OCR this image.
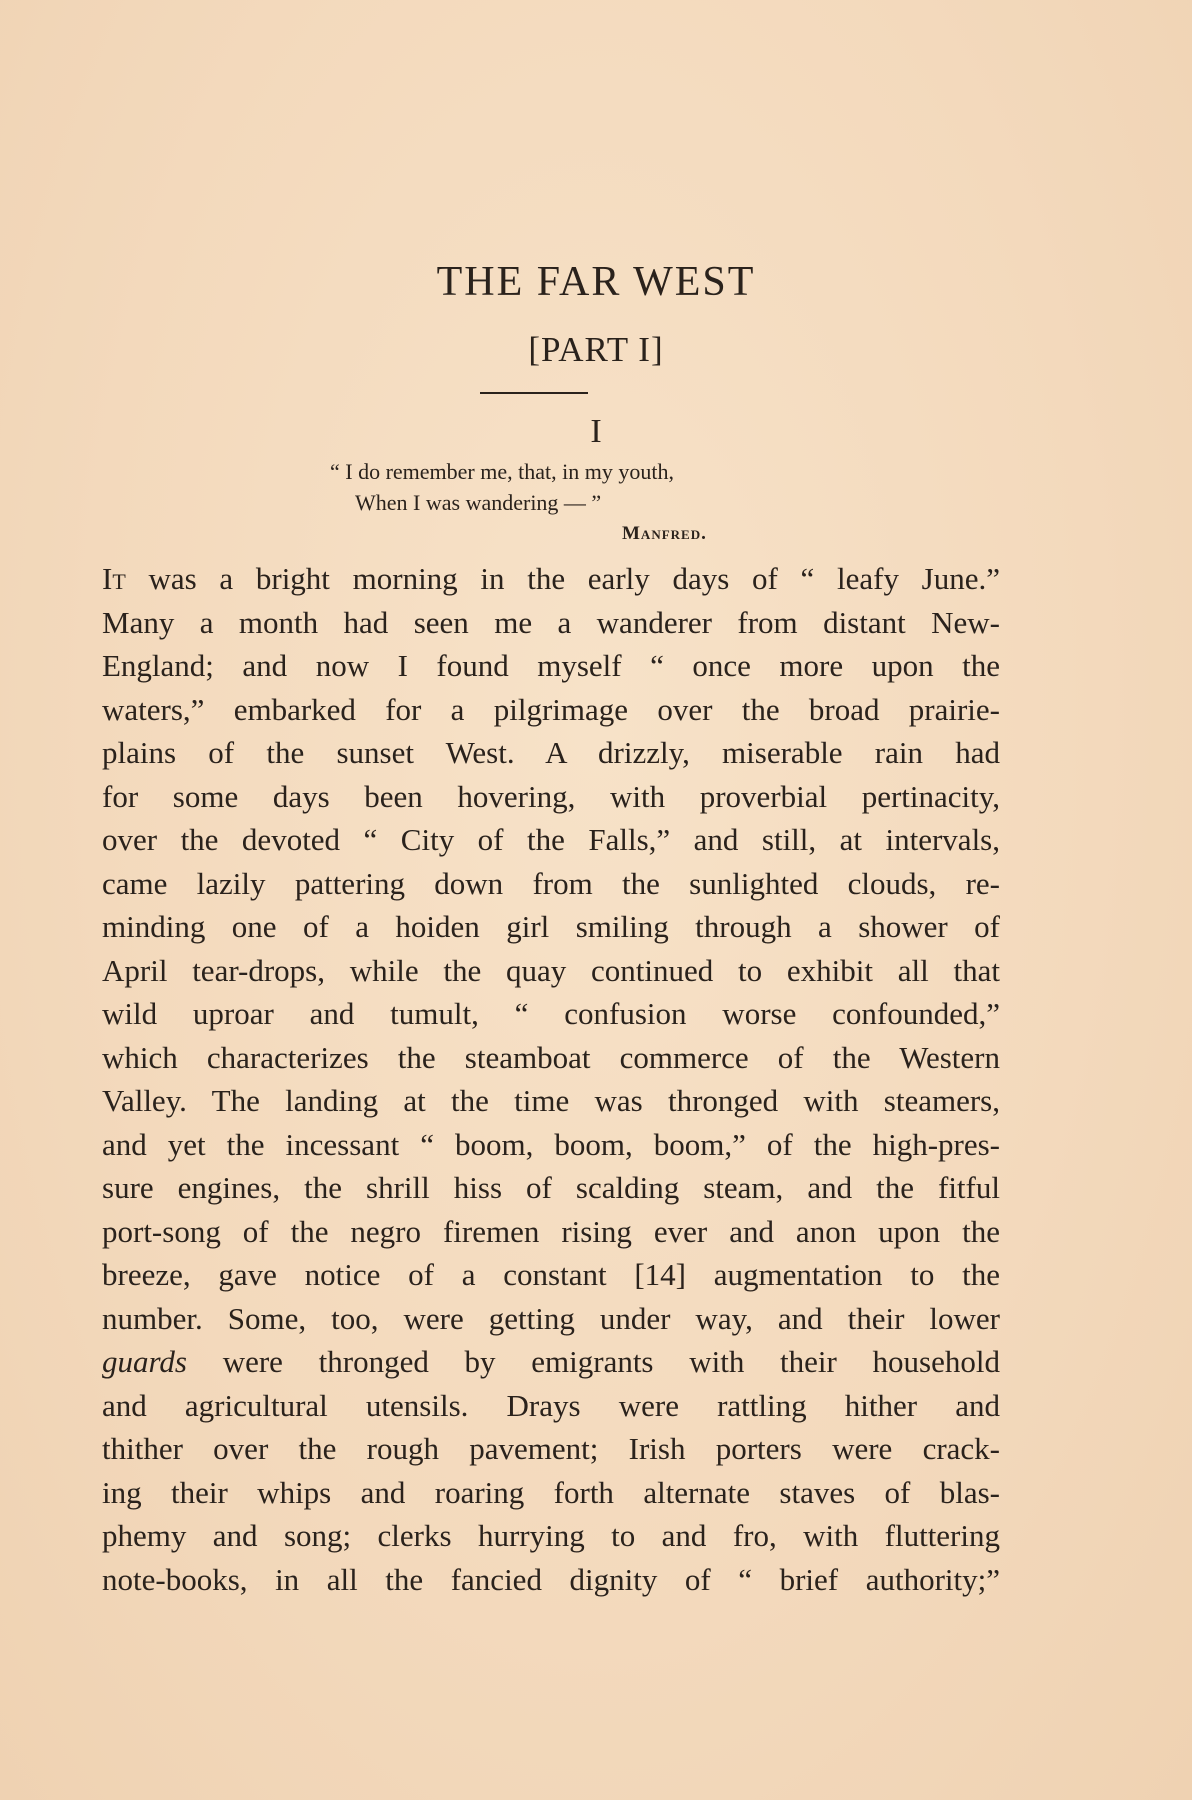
THE FAR WEST
[PART I]
I
“ I do remember me, that, in my youth,
When I was wandering — ”
Manfred.
It was a bright morning in the early days of “ leafy June.”
Many a month had seen me a wanderer from distant New-
England; and now I found myself “ once more upon the
waters,” embarked for a pilgrimage over the broad prairie-
plains of the sunset West. A drizzly, miserable rain had
for some days been hovering, with proverbial pertinacity,
over the devoted “ City of the Falls,” and still, at intervals,
came lazily pattering down from the sunlighted clouds, re-
minding one of a hoiden girl smiling through a shower of
April tear-drops, while the quay continued to exhibit all that
wild uproar and tumult, “ confusion worse confounded,”
which characterizes the steamboat commerce of the Western
Valley. The landing at the time was thronged with steamers,
and yet the incessant “ boom, boom, boom,” of the high-pres-
sure engines, the shrill hiss of scalding steam, and the fitful
port-song of the negro firemen rising ever and anon upon the
breeze, gave notice of a constant [14] augmentation to the
number. Some, too, were getting under way, and their lower
guards were thronged by emigrants with their household
and agricultural utensils. Drays were rattling hither and
thither over the rough pavement; Irish porters were crack-
ing their whips and roaring forth alternate staves of blas-
phemy and song; clerks hurrying to and fro, with fluttering
note-books, in all the fancied dignity of “ brief authority;”
